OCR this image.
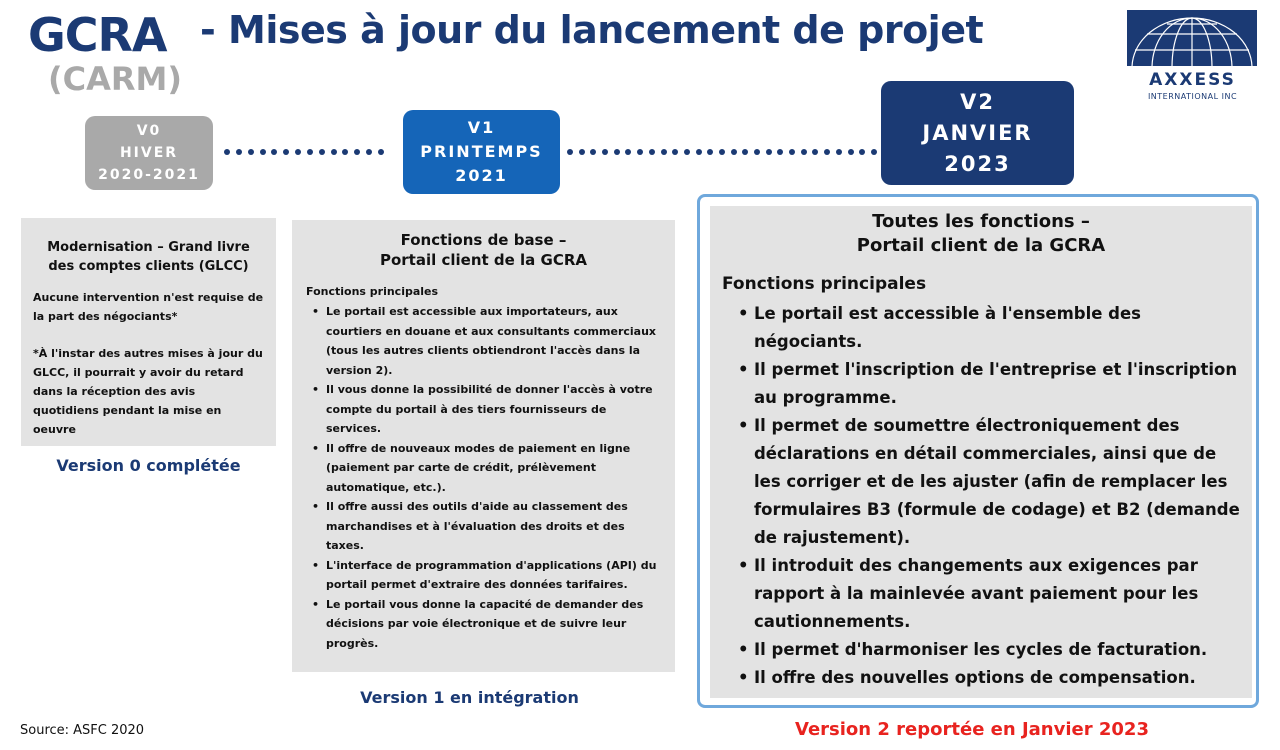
GCRA - Mises à jour du lancement de projet
(CARM)	AXXESS
INTERNATIONAL INC
V0
HIVER
2020-2021
V1
PRINTEMPS
2021
V2
JANVIER
2023
Modernisation – Grand livre
des comptes clients (GLCC)
Aucune intervention n'est requise de la part des négociants*
*À l'instar des autres mises à jour du GLCC, il pourrait y avoir du retard dans la réception des avis quotidiens pendant la mise en oeuvre
Version 0 complétée
Fonctions de base –
Portail client de la GCRA
Fonctions principales
• Le portail est accessible aux importateurs, aux courtiers en douane et aux consultants commerciaux (tous les autres clients obtiendront l'accès dans la version 2).
• Il vous donne la possibilité de donner l'accès à votre compte du portail à des tiers fournisseurs de services.
• Il offre de nouveaux modes de paiement en ligne (paiement par carte de crédit, prélèvement automatique, etc.).
• Il offre aussi des outils d'aide au classement des marchandises et à l'évaluation des droits et des taxes.
• L'interface de programmation d'applications (API) du portail permet d'extraire des données tarifaires.
• Le portail vous donne la capacité de demander des décisions par voie électronique et de suivre leur progrès.
Version 1 en intégration
Toutes les fonctions –
Portail client de la GCRA
Fonctions principales
• Le portail est accessible à l'ensemble des négociants.
• Il permet l'inscription de l'entreprise et l'inscription au programme.
• Il permet de soumettre électroniquement des déclarations en détail commerciales, ainsi que de les corriger et de les ajuster (afin de remplacer les formulaires B3 (formule de codage) et B2 (demande de rajustement).
• Il introduit des changements aux exigences par rapport à la mainlevée avant paiement pour les cautionnements.
• Il permet d'harmoniser les cycles de facturation.
• Il offre des nouvelles options de compensation.
Version 2 reportée en Janvier 2023
Source: ASFC 2020
